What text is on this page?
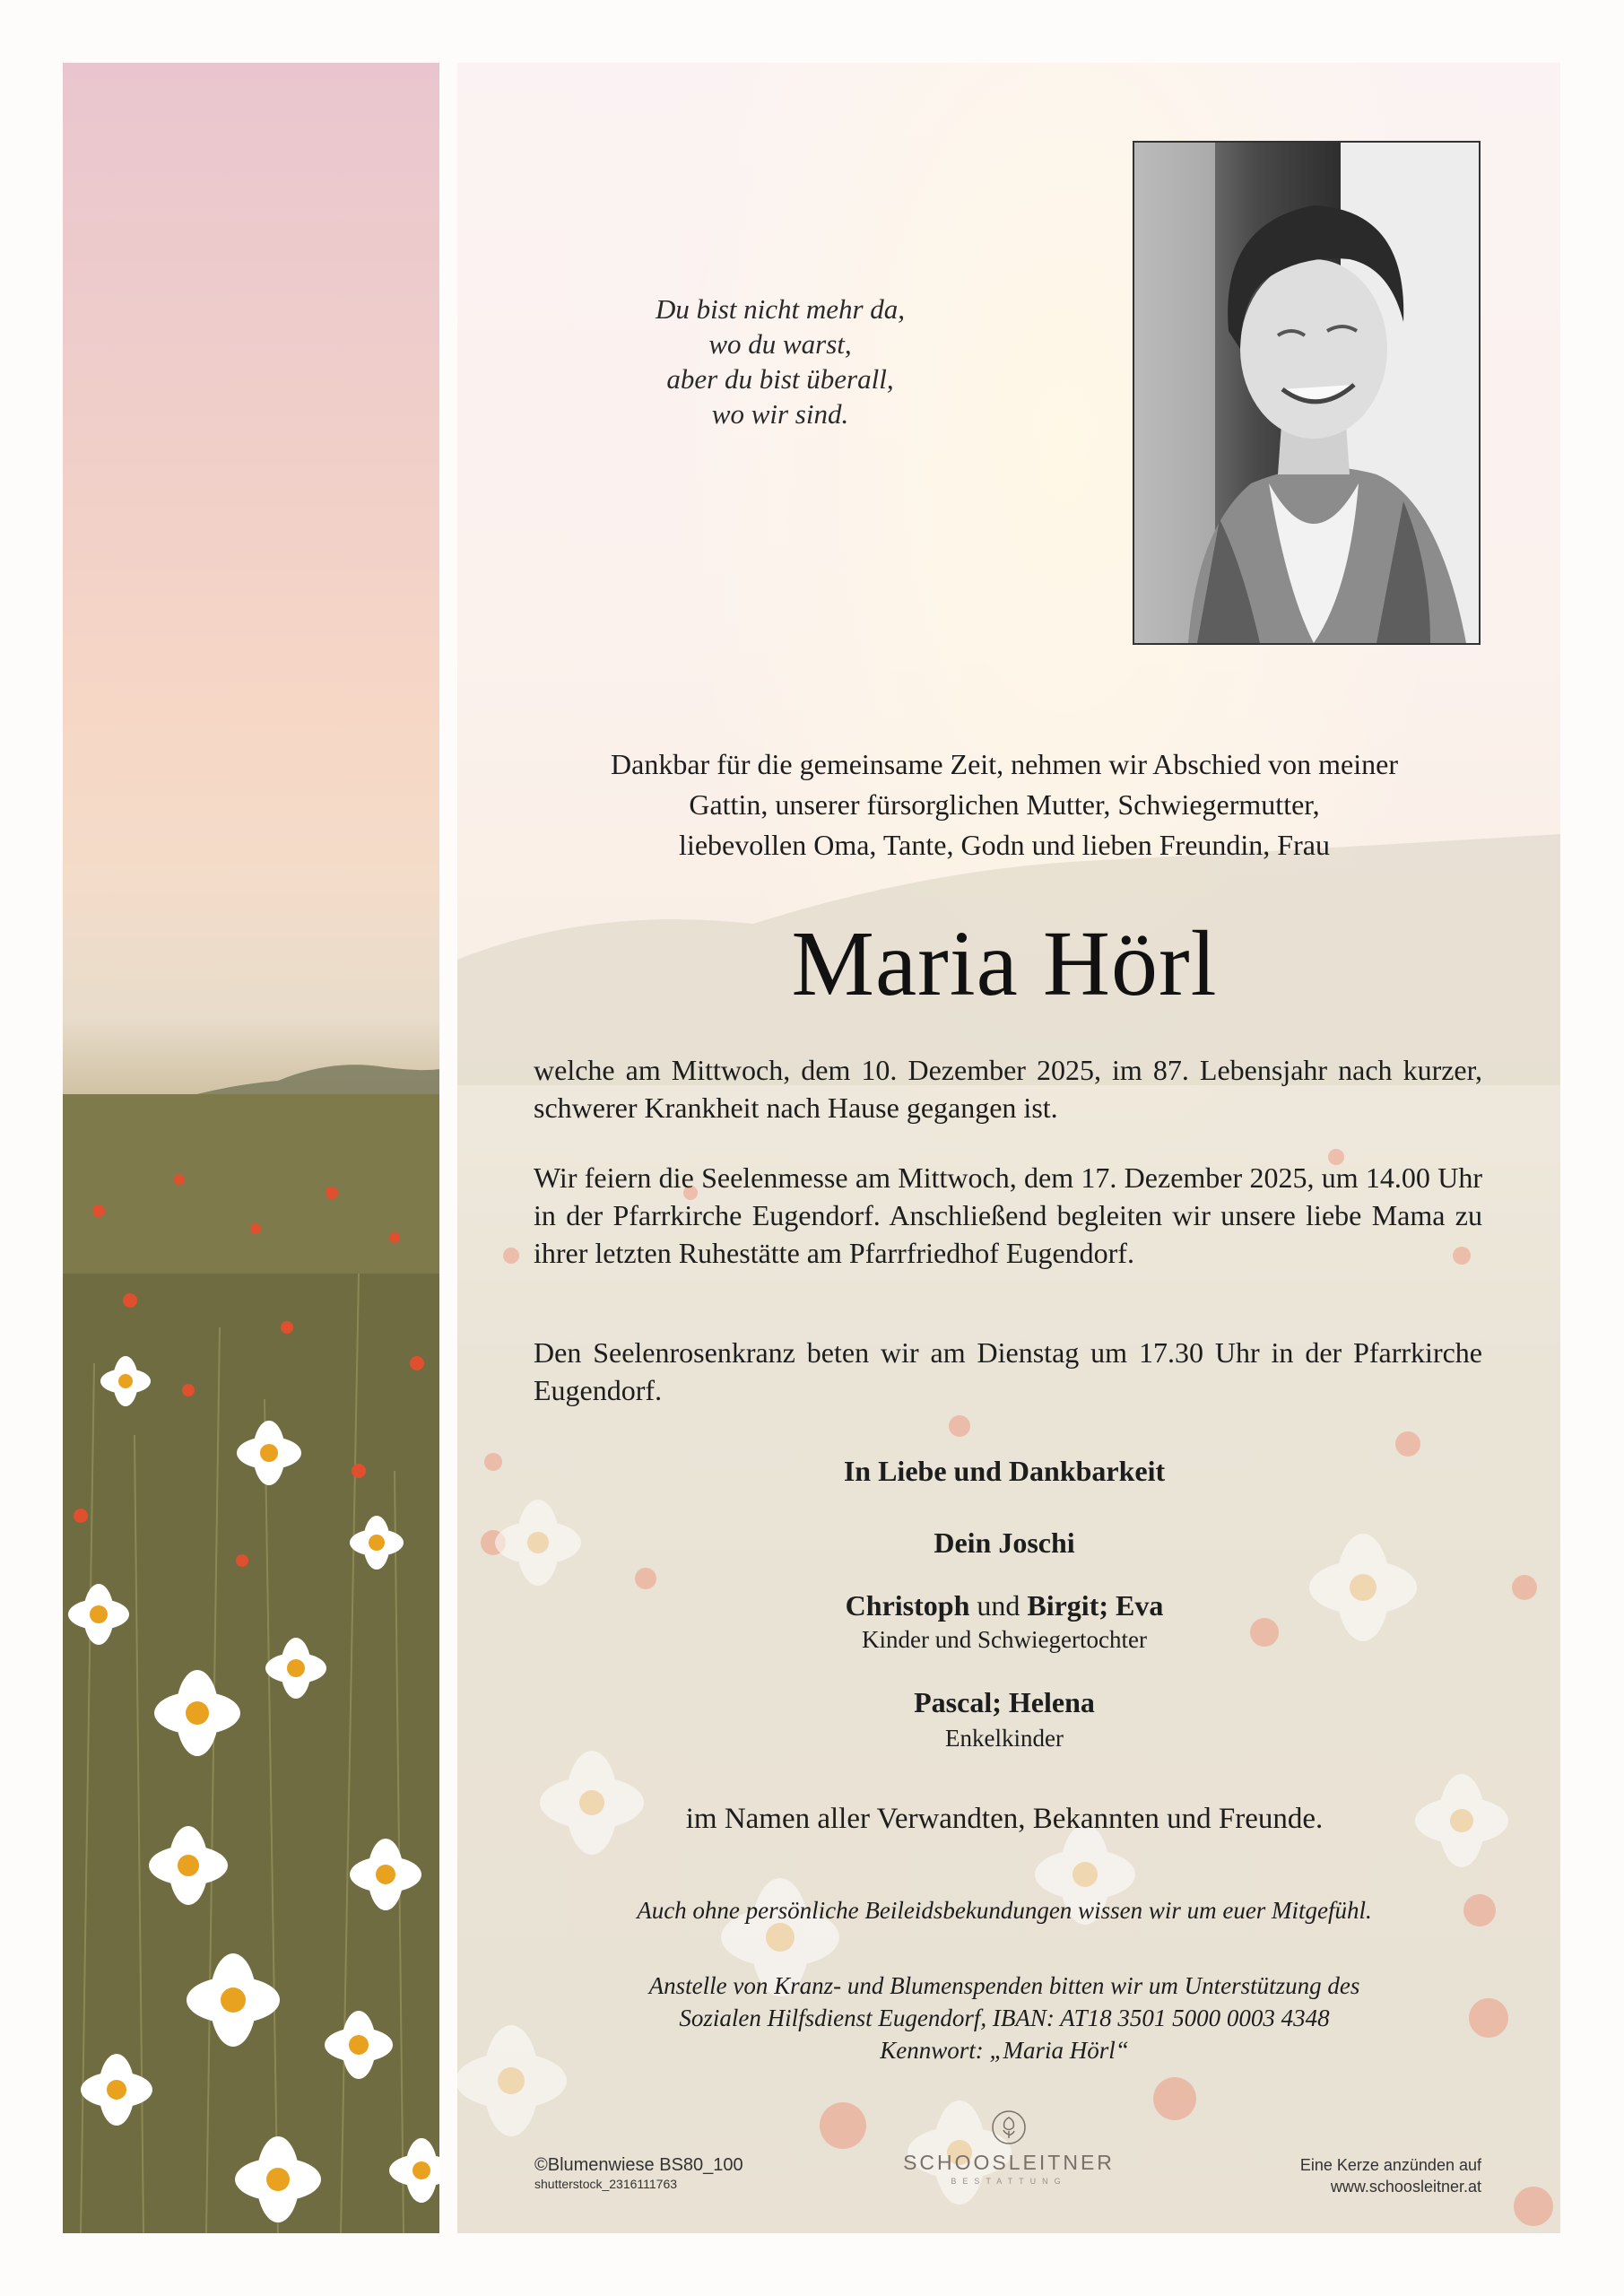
Du bist nicht mehr da,
wo du warst,
aber du bist überall,
wo wir sind.
Dankbar für die gemeinsame Zeit, nehmen wir Abschied von meiner
Gattin, unserer fürsorglichen Mutter, Schwiegermutter,
liebevollen Oma, Tante, Godn und lieben Freundin, Frau
Maria Hörl
welche am Mittwoch, dem 10. Dezember 2025, im 87. Lebensjahr nach kurzer, schwerer Krankheit nach Hause gegangen ist.
Wir feiern die Seelenmesse am Mittwoch, dem 17. Dezember 2025, um 14.00 Uhr in der Pfarrkirche Eugendorf. Anschließend begleiten wir unsere liebe Mama zu ihrer letzten Ruhestätte am Pfarrfriedhof Eugendorf.
Den Seelenrosenkranz beten wir am Dienstag um 17.30 Uhr in der Pfarrkirche Eugendorf.
In Liebe und Dankbarkeit
Dein Joschi
Christoph und Birgit; Eva
Kinder und Schwiegertochter
Pascal; Helena
Enkelkinder
im Namen aller Verwandten, Bekannten und Freunde.
Auch ohne persönliche Beileidsbekundungen wissen wir um euer Mitgefühl.
Anstelle von Kranz- und Blumenspenden bitten wir um Unterstützung des
Sozialen Hilfsdienst Eugendorf, IBAN: AT18 3501 5000 0003 4348
Kennwort: „Maria Hörl“
©Blumenwiese BS80_100
shutterstock_2316111763
SCHOOSLEITNER
BESTATTUNG
Eine Kerze anzünden auf
www.schoosleitner.at
